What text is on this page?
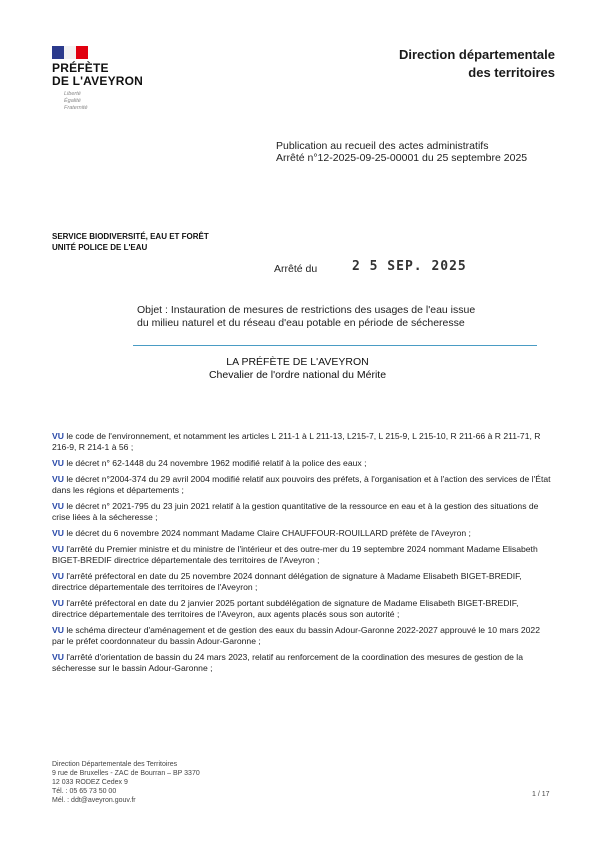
PRÉFÈTE
DE L'AVEYRON
Liberté
Égalité
Fraternité
Direction départementale
des territoires
Publication au recueil des actes administratifs
Arrêté n°12-2025-09-25-00001 du 25 septembre 2025
SERVICE BIODIVERSITÉ, EAU ET FORÊT
UNITÉ POLICE DE L'EAU
Arrêté du	2 5 SEP. 2025
Objet : Instauration de mesures de restrictions des usages de l'eau issue
du milieu naturel et du réseau d'eau potable en période de sécheresse
LA PRÉFÈTE DE L'AVEYRON
Chevalier de l'ordre national du Mérite
VU le code de l'environnement, et notamment les articles L 211-1 à L 211-13, L215-7, L 215-9, L 215-10, R 211-66 à R 211-71, R 216-9, R 214-1 à 56 ;
VU le décret n° 62-1448 du 24 novembre 1962 modifié relatif à la police des eaux ;
VU le décret n°2004-374 du 29 avril 2004 modifié relatif aux pouvoirs des préfets, à l'organisation et à l'action des services de l'État dans les régions et départements ;
VU le décret n° 2021-795 du 23 juin 2021 relatif à la gestion quantitative de la ressource en eau et à la gestion des situations de crise liées à la sécheresse ;
VU le décret du 6 novembre 2024 nommant Madame Claire CHAUFFOUR-ROUILLARD préfète de l'Aveyron ;
VU l'arrêté du Premier ministre et du ministre de l'intérieur et des outre-mer du 19 septembre 2024 nommant Madame Elisabeth BIGET-BREDIF directrice départementale des territoires de l'Aveyron ;
VU l'arrêté préfectoral en date du 25 novembre 2024 donnant délégation de signature à Madame Elisabeth BIGET-BREDIF, directrice départementale des territoires de l'Aveyron ;
VU l'arrêté préfectoral en date du 2 janvier 2025 portant subdélégation de signature de Madame Elisabeth BIGET-BREDIF, directrice départementale des territoires de l'Aveyron, aux agents placés sous son autorité ;
VU le schéma directeur d'aménagement et de gestion des eaux du bassin Adour-Garonne 2022-2027 approuvé le 10 mars 2022 par le préfet coordonnateur du bassin Adour-Garonne ;
VU l'arrêté d'orientation de bassin du 24 mars 2023, relatif au renforcement de la coordination des mesures de gestion de la sécheresse sur le bassin Adour-Garonne ;
Direction Départementale des Territoires
9 rue de Bruxelles - ZAC de Bourran – BP 3370
12 033 RODEZ Cedex 9
Tél. : 05 65 73 50 00
Mél. : ddt@aveyron.gouv.fr
1 / 17
